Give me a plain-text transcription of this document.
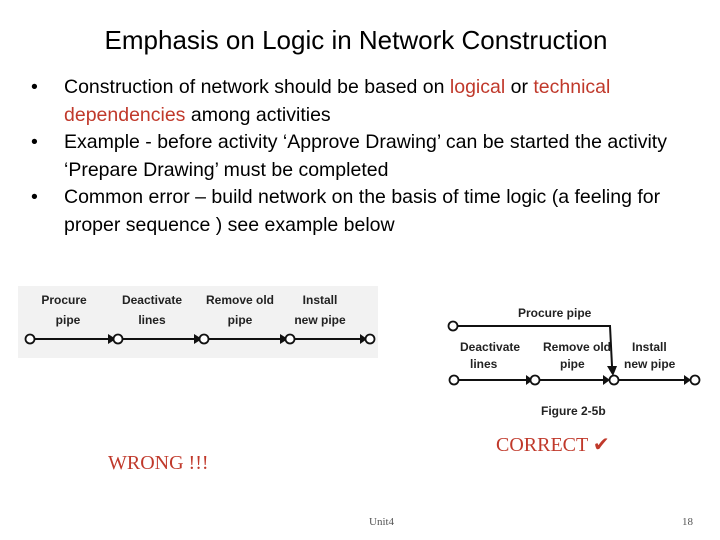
Emphasis on Logic in Network Construction
• Construction of network should be based on logical or technical dependencies among activities
• Example - before activity ‘Approve Drawing’ can be started the activity ‘Prepare Drawing’ must be completed
• Common error – build network on the basis of time logic (a feeling for proper sequence ) see example below
Procure
pipe
Deactivate
lines
Remove old
pipe
Install
new pipe	Procure pipe
Deactivate
lines
Remove old
pipe
Install
new pipe
Figure 2-5b
CORRECT ✔
WRONG !!!
Unit4	18
